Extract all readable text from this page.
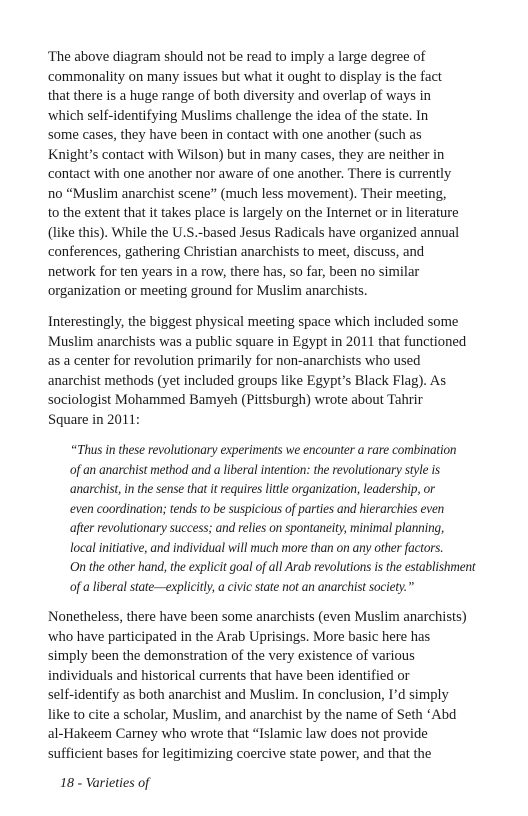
The above diagram should not be read to imply a large degree of
commonality on many issues but what it ought to display is the fact
that there is a huge range of both diversity and overlap of ways in
which self-identifying Muslims challenge the idea of the state. In
some cases, they have been in contact with one another (such as
Knight’s contact with Wilson) but in many cases, they are neither in
contact with one another nor aware of one another. There is currently
no “Muslim anarchist scene” (much less movement). Their meeting,
to the extent that it takes place is largely on the Internet or in literature
(like this). While the U.S.-based Jesus Radicals have organized annual
conferences, gathering Christian anarchists to meet, discuss, and
network for ten years in a row, there has, so far, been no similar
organization or meeting ground for Muslim anarchists.

Interestingly, the biggest physical meeting space which included some
Muslim anarchists was a public square in Egypt in 2011 that functioned
as a center for revolution primarily for non-anarchists who used
anarchist methods (yet included groups like Egypt’s Black Flag). As
sociologist Mohammed Bamyeh (Pittsburgh) wrote about Tahrir
Square in 2011:

“Thus in these revolutionary experiments we encounter a rare combination
of an anarchist method and a liberal intention: the revolutionary style is
anarchist, in the sense that it requires little organization, leadership, or
even coordination; tends to be suspicious of parties and hierarchies even
after revolutionary success; and relies on spontaneity, minimal planning,
local initiative, and individual will much more than on any other factors.
On the other hand, the explicit goal of all Arab revolutions is the establishment
of a liberal state—explicitly, a civic state not an anarchist society.”

Nonetheless, there have been some anarchists (even Muslim anarchists)
who have participated in the Arab Uprisings. More basic here has
simply been the demonstration of the very existence of various
individuals and historical currents that have been identified or
self-identify as both anarchist and Muslim. In conclusion, I’d simply
like to cite a scholar, Muslim, and anarchist by the name of Seth ‘Abd
al-Hakeem Carney who wrote that “Islamic law does not provide
sufficient bases for legitimizing coercive state power, and that the

18 - Varieties of
